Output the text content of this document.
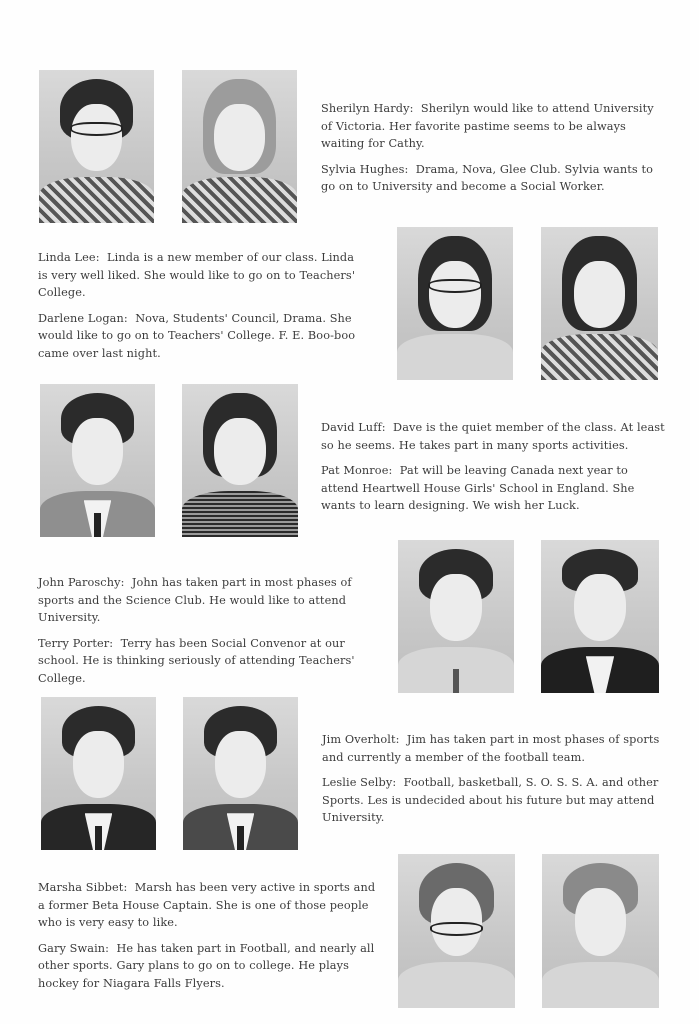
Sherilyn Hardy: Sherilyn would like to attend University of Victoria. Her favorite pastime seems to be always waiting for Cathy.

Sylvia Hughes: Drama, Nova, Glee Club. Sylvia wants to go on to University and become a Social Worker.

Linda Lee: Linda is a new member of our class. Linda is very well liked. She would like to go on to Teachers' College.

Darlene Logan: Nova, Students' Council, Drama. She would like to go on to Teachers' College. F. E. Boo-boo came over last night.

David Luff: Dave is the quiet member of the class. At least so he seems. He takes part in many sports activities.

Pat Monroe: Pat will be leaving Canada next year to attend Heartwell House Girls' School in England. She wants to learn designing. We wish her Luck.

John Paroschy: John has taken part in most phases of sports and the Science Club. He would like to attend University.

Terry Porter: Terry has been Social Convenor at our school. He is thinking seriously of attending Teachers' College.

Jim Overholt: Jim has taken part in most phases of sports and currently a member of the football team.

Leslie Selby: Football, basketball, S. O. S. S. A. and other Sports. Les is undecided about his future but may attend University.

Marsha Sibbet: Marsh has been very active in sports and a former Beta House Captain. She is one of those people who is very easy to like.

Gary Swain: He has taken part in Football, and nearly all other sports. Gary plans to go on to college. He plays hockey for Niagara Falls Flyers.
